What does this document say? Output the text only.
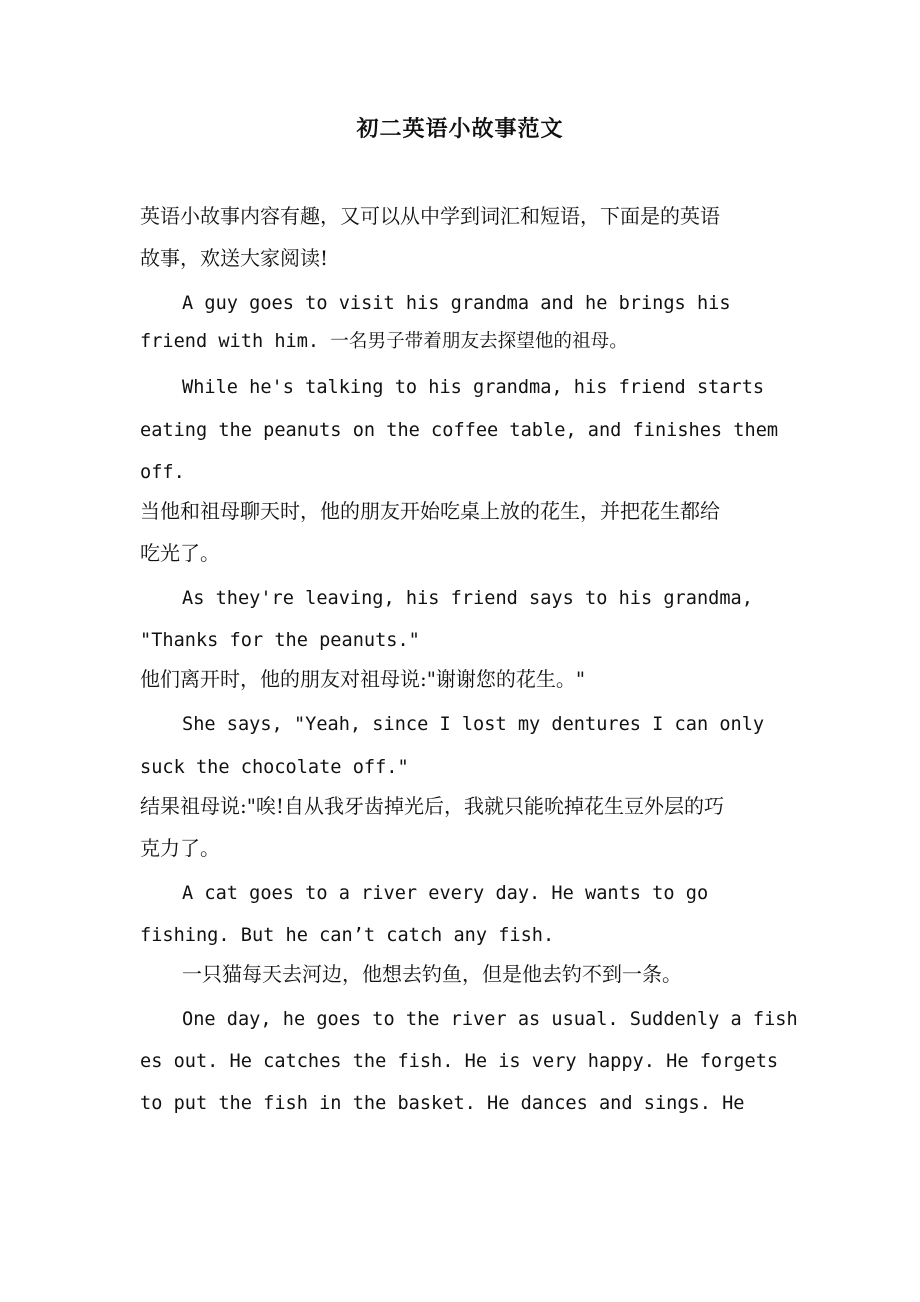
初二英语小故事范文
英语小故事内容有趣，又可以从中学到词汇和短语，下面是的英语
故事，欢送大家阅读!
A guy goes to visit his grandma and he brings his
friend with him. 一名男子带着朋友去探望他的祖母。
While he's talking to his grandma, his friend starts
eating the peanuts on the coffee table, and finishes them
off.
当他和祖母聊天时，他的朋友开始吃桌上放的花生，并把花生都给
吃光了。
As they're leaving, his friend says to his grandma,
"Thanks for the peanuts."
他们离开时，他的朋友对祖母说:"谢谢您的花生。"
She says, "Yeah, since I lost my dentures I can only
suck the chocolate off."
结果祖母说:"唉!自从我牙齿掉光后，我就只能吮掉花生豆外层的巧
克力了。
A cat goes to a river every day. He wants to go
fishing. But he can’t catch any fish.
一只猫每天去河边，他想去钓鱼，但是他去钓不到一条。
One day, he goes to the river as usual. Suddenly a fish
es out. He catches the fish. He is very happy. He forgets
to put the fish in the basket. He dances and sings. He
